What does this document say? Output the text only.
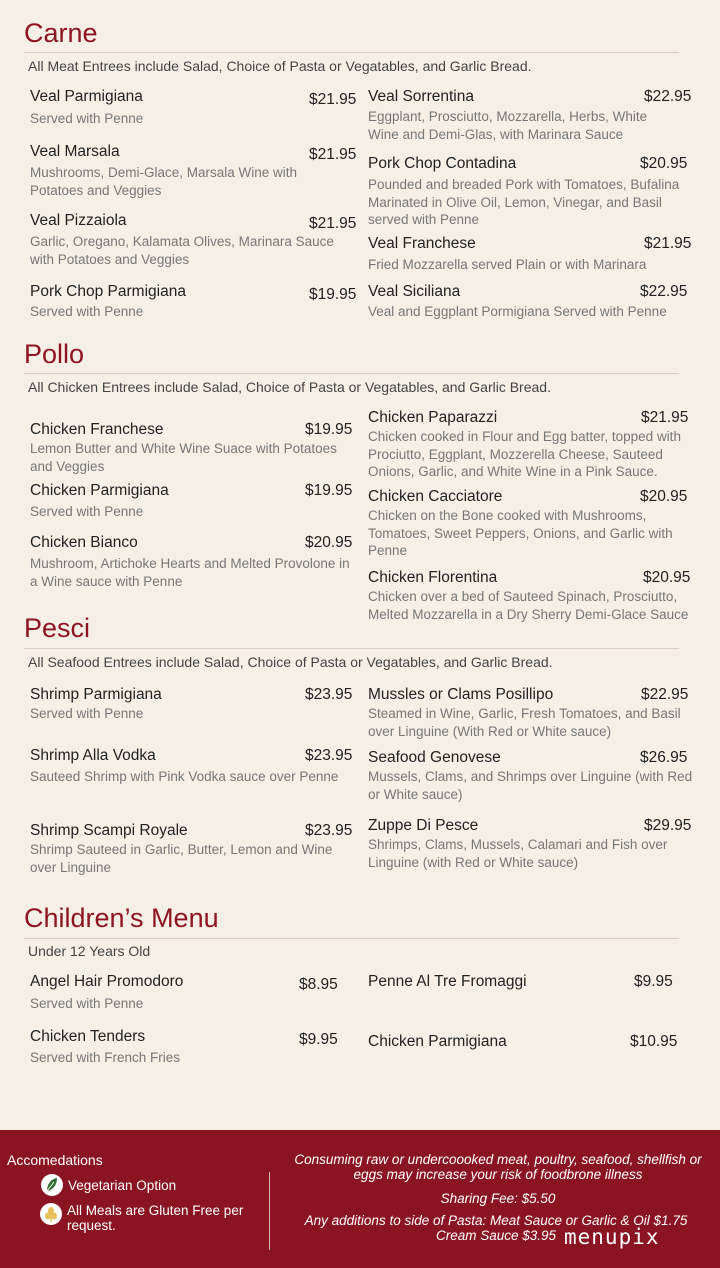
Carne
All Meat Entrees include Salad, Choice of Pasta or Vegatables, and Garlic Bread.
Veal Parmigiana	$21.95
Served with Penne
Veal Marsala	$21.95
Mushrooms, Demi-Glace, Marsala Wine with Potatoes and Veggies
Veal Pizzaiola	$21.95
Garlic, Oregano, Kalamata Olives, Marinara Sauce with Potatoes and Veggies
Pork Chop Parmigiana	$19.95
Served with Penne
Veal Sorrentina	$22.95
Eggplant, Prosciutto, Mozzarella, Herbs, White Wine and Demi-Glas, with Marinara Sauce
Pork Chop Contadina	$20.95
Pounded and breaded Pork with Tomatoes, Bufalina Marinated in Olive Oil, Lemon, Vinegar, and Basil served with Penne
Veal Franchese	$21.95
Fried Mozzarella served Plain or with Marinara
Veal Siciliana	$22.95
Veal and Eggplant Pormigiana Served with Penne
Pollo
All Chicken Entrees include Salad, Choice of Pasta or Vegatables, and Garlic Bread.
Chicken Franchese	$19.95
Lemon Butter and White Wine Suace with Potatoes and Veggies
Chicken Parmigiana	$19.95
Served with Penne
Chicken Bianco	$20.95
Mushroom, Artichoke Hearts and Melted Provolone in a Wine sauce with Penne
Chicken Paparazzi	$21.95
Chicken cooked in Flour and Egg batter, topped with Prociutto, Eggplant, Mozzerella Cheese, Sauteed Onions, Garlic, and White Wine in a Pink Sauce.
Chicken Cacciatore	$20.95
Chicken on the Bone cooked with Mushrooms, Tomatoes, Sweet Peppers, Onions, and Garlic with Penne
Chicken Florentina	$20.95
Chicken over a bed of Sauteed Spinach, Prosciutto, Melted Mozzarella in a Dry Sherry Demi-Glace Sauce
Pesci
All Seafood Entrees include Salad, Choice of Pasta or Vegatables, and Garlic Bread.
Shrimp Parmigiana	$23.95
Served with Penne
Shrimp Alla Vodka	$23.95
Sauteed Shrimp with Pink Vodka sauce over Penne
Shrimp Scampi Royale	$23.95
Shrimp Sauteed in Garlic, Butter, Lemon and Wine over Linguine
Mussles or Clams Posillipo	$22.95
Steamed in Wine, Garlic, Fresh Tomatoes, and Basil over Linguine (With Red or White sauce)
Seafood Genovese	$26.95
Mussels, Clams, and Shrimps over Linguine (with Red or White sauce)
Zuppe Di Pesce	$29.95
Shrimps, Clams, Mussels, Calamari and Fish over Linguine (with Red or White sauce)
Children’s Menu
Under 12 Years Old
Angel Hair Promodoro	$8.95
Served with Penne
Chicken Tenders	$9.95
Served with French Fries
Penne Al Tre Fromaggi	$9.95
Chicken Parmigiana	$10.95
Accomedations
Vegetarian Option
All Meals are Gluten Free per request.
Consuming raw or undercoooked meat, poultry, seafood, shellfish or eggs may increase your risk of foodbrone illness
Sharing Fee: $5.50
Any additions to side of Pasta: Meat Sauce or Garlic & Oil $1.75 Cream Sauce $3.95 menupix
